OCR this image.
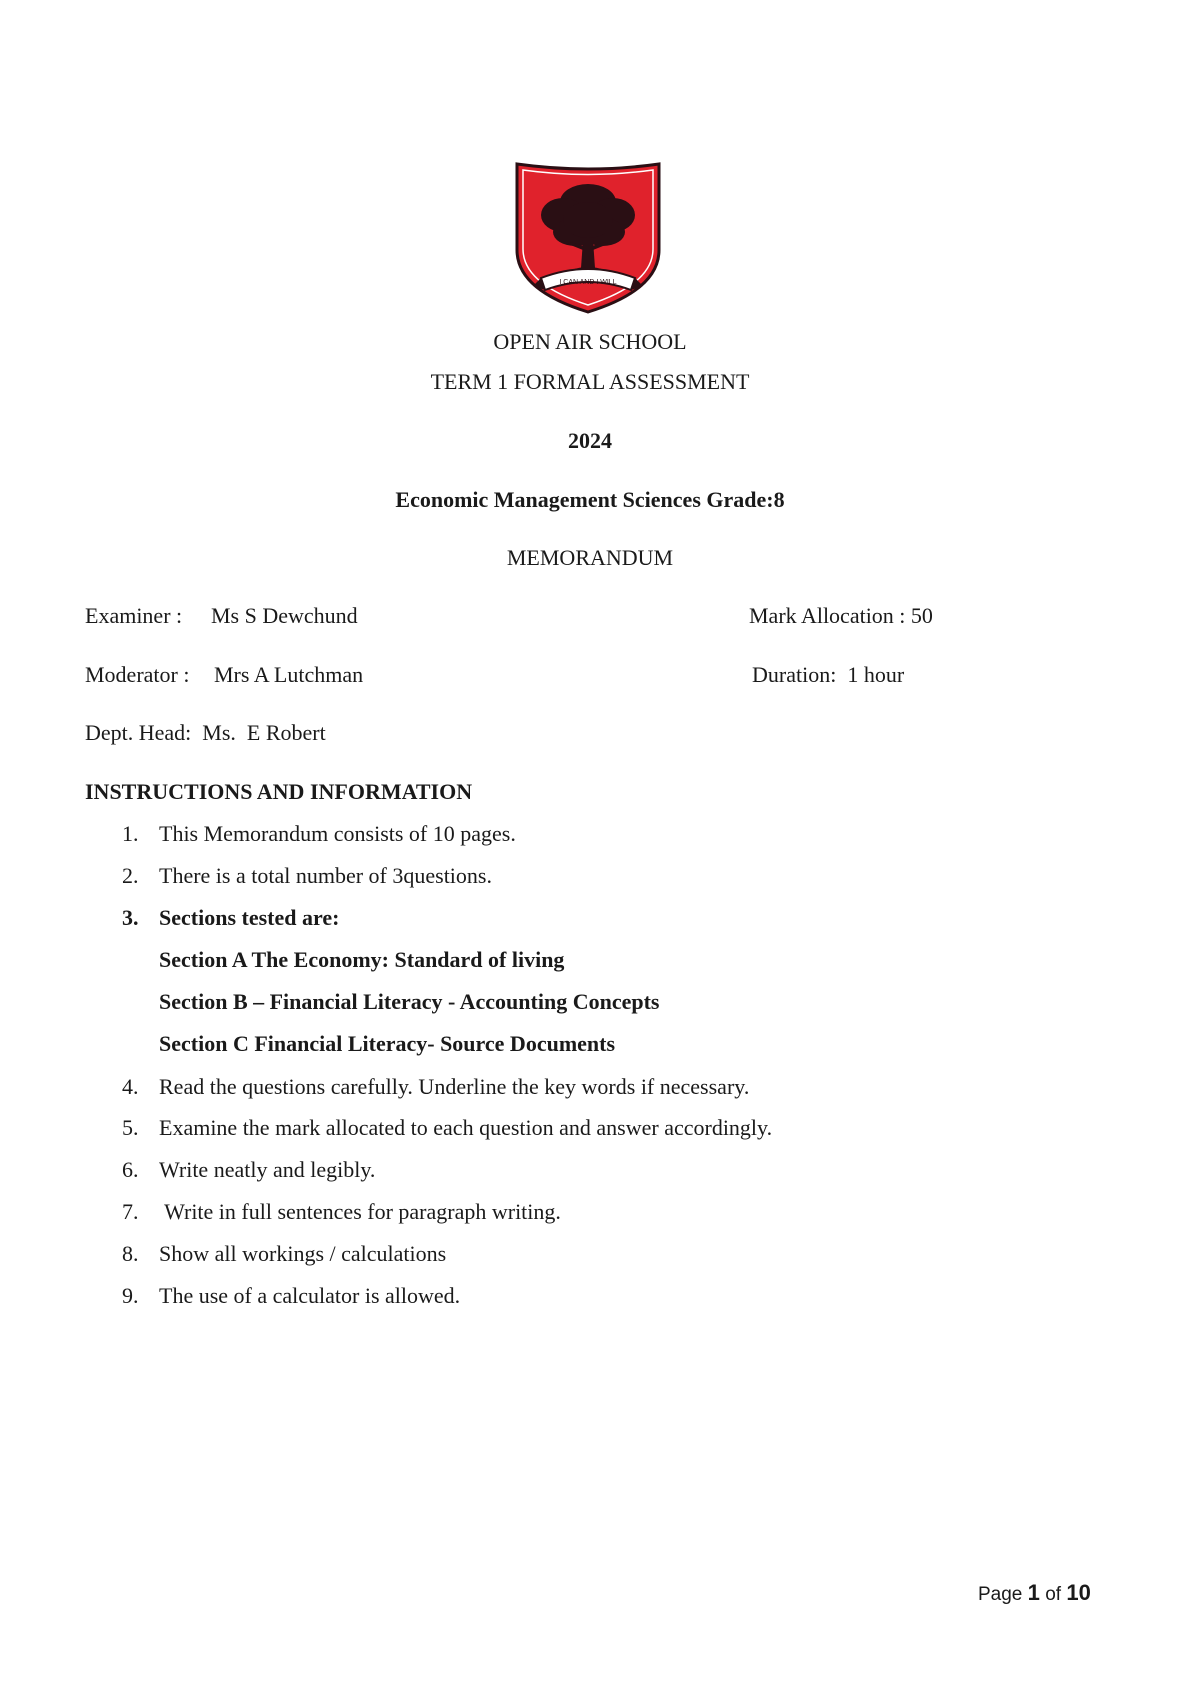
I CAN AND I WILL
OPEN AIR SCHOOL
TERM 1 FORMAL ASSESSMENT
2024
Economic Management Sciences Grade:8
MEMORANDUM
Examiner : Ms S Dewchund	Mark Allocation : 50
Moderator : Mrs A Lutchman	Duration:  1 hour
Dept. Head:  Ms.  E Robert
INSTRUCTIONS AND INFORMATION
1. This Memorandum consists of 10 pages.
2. There is a total number of 3questions.
3. Sections tested are:
Section A The Economy: Standard of living
Section B – Financial Literacy - Accounting Concepts
Section C Financial Literacy- Source Documents
4. Read the questions carefully. Underline the key words if necessary.
5. Examine the mark allocated to each question and answer accordingly.
6. Write neatly and legibly.
7. Write in full sentences for paragraph writing.
8. Show all workings / calculations
9. The use of a calculator is allowed.
Page 1 of 10
